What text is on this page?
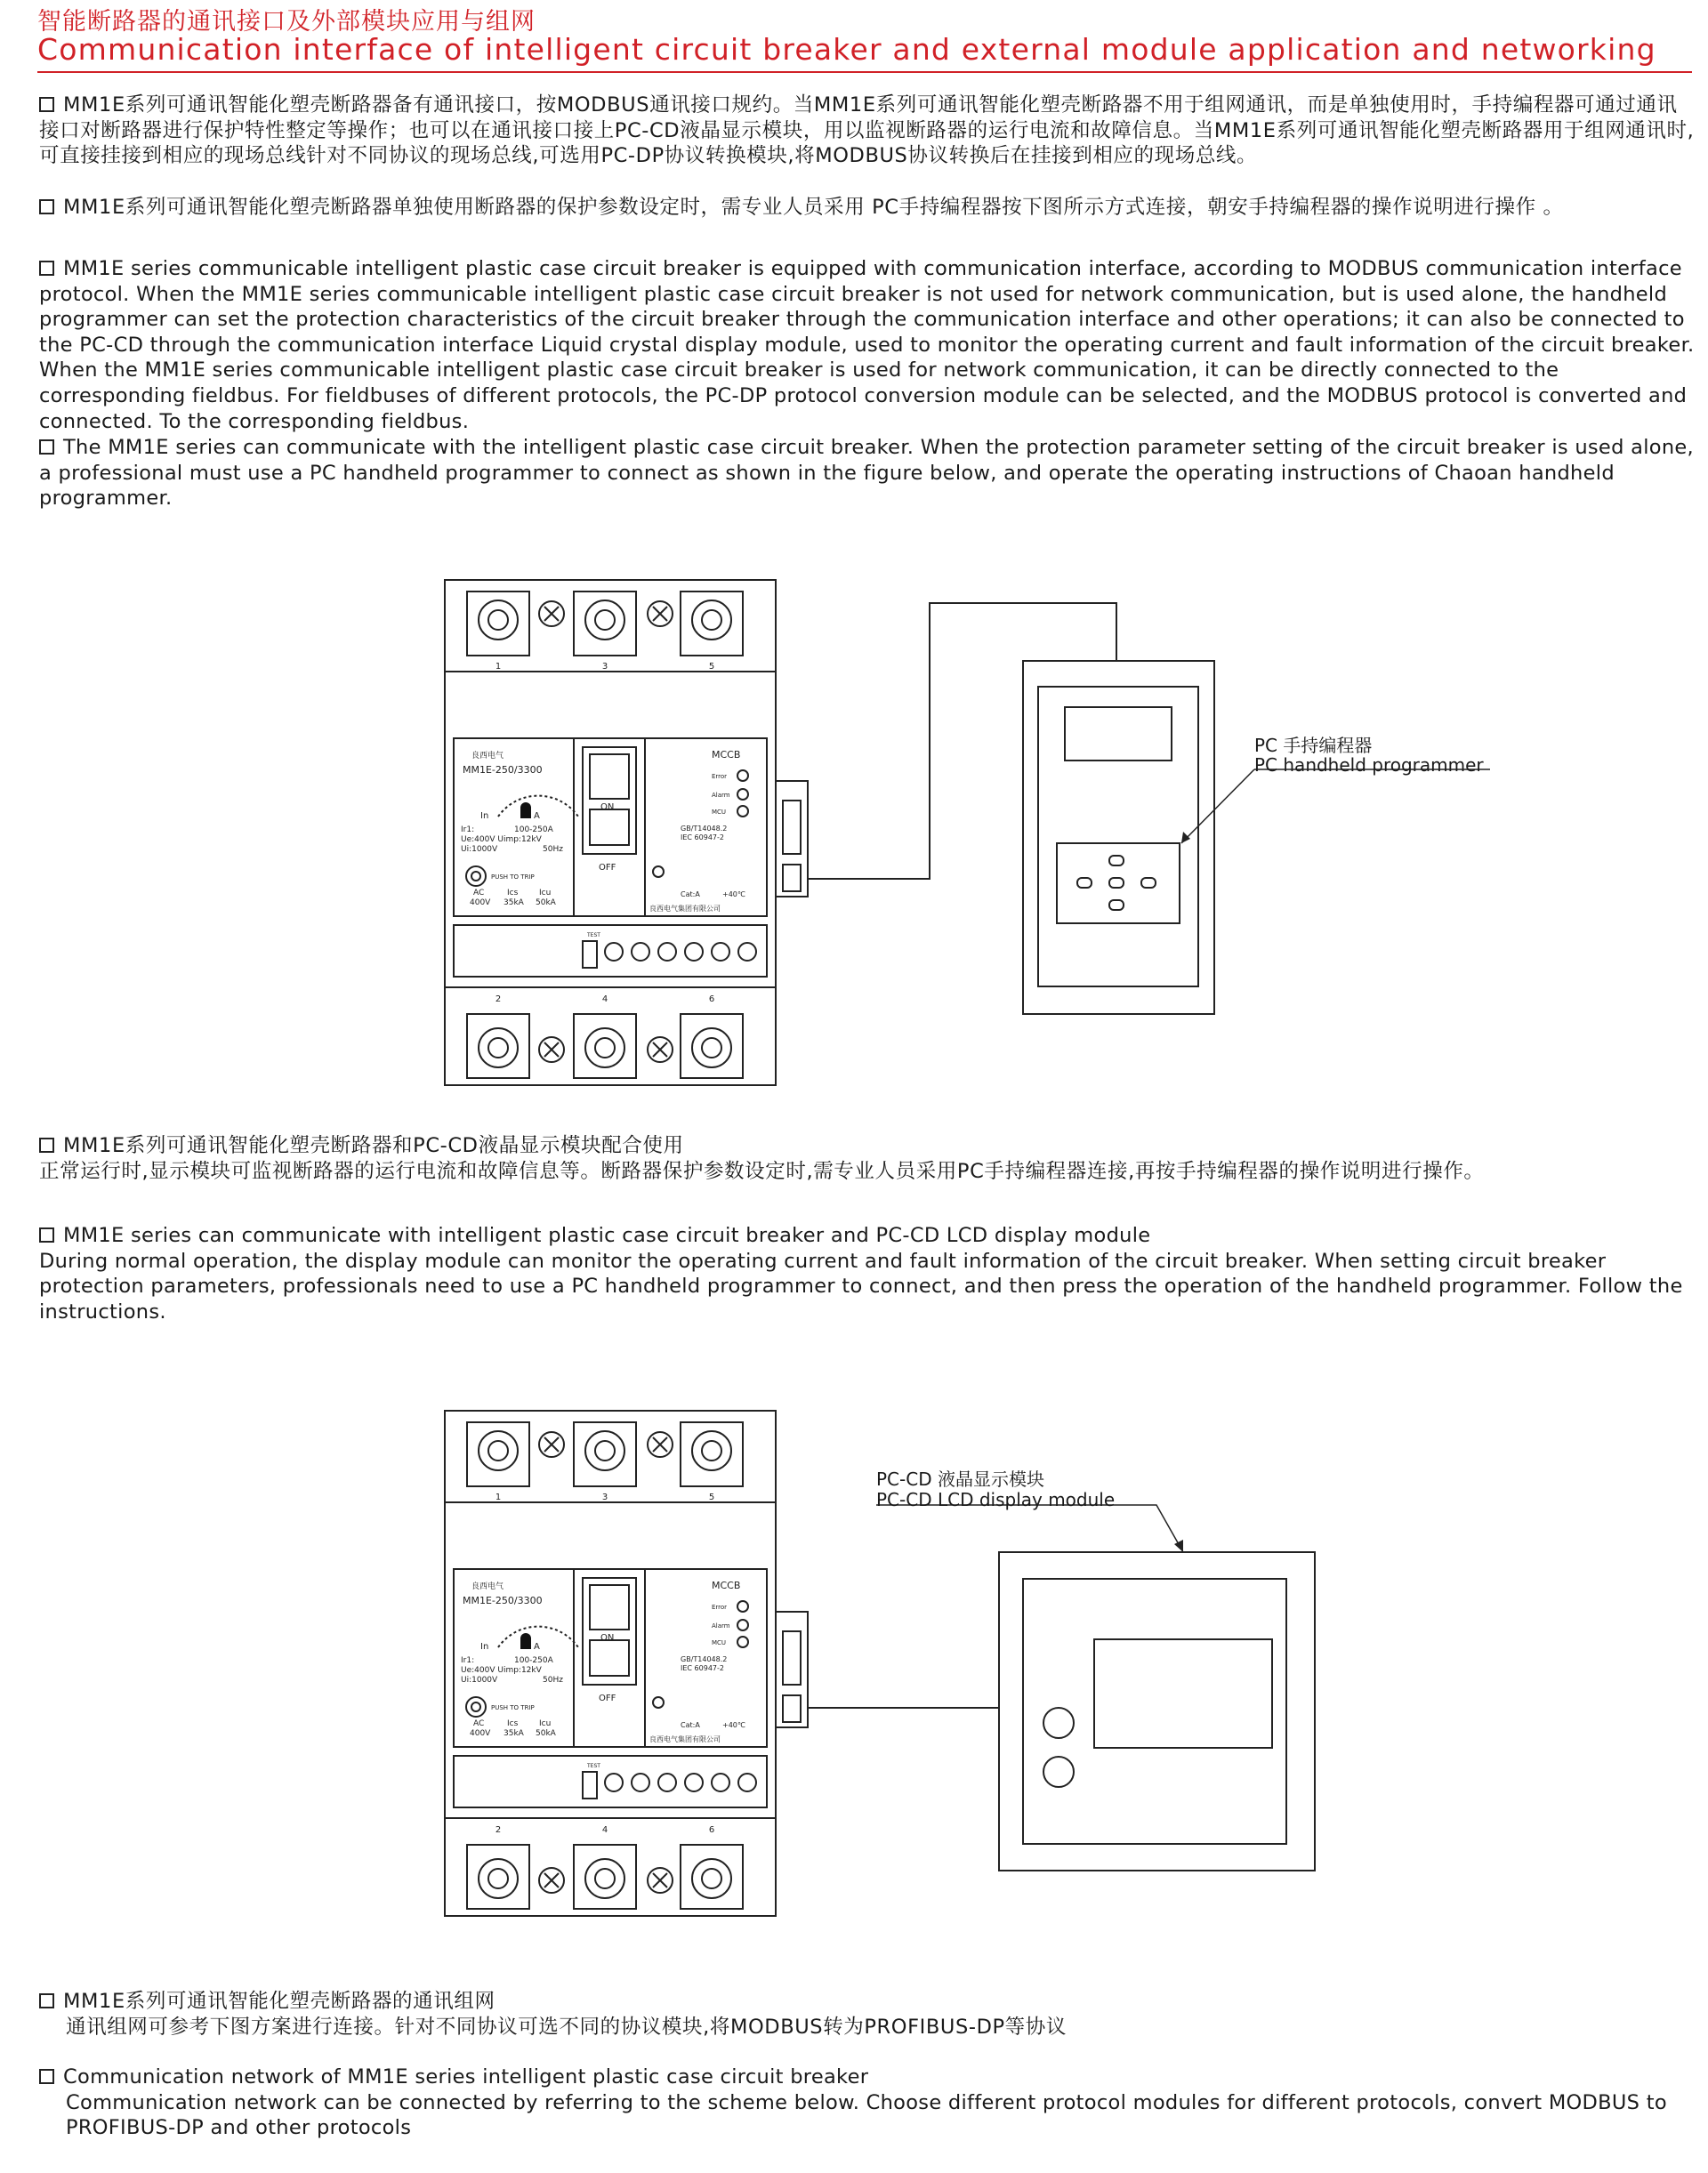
智能断路器的通讯接口及外部模块应用与组网
Communication interface of intelligent circuit breaker and external module application and networking

MM1E系列可通讯智能化塑壳断路器备有通讯接口，按MODBUS通讯接口规约。当MM1E系列可通讯智能化塑壳断路器不用于组网通讯，而是单独使用时，手持编程器可通过通讯接口对断路器进行保护特性整定等操作；也可以在通讯接口接上PC-CD液晶显示模块，用以监视断路器的运行电流和故障信息。当MM1E系列可通讯智能化塑壳断路器用于组网通讯时,可直接挂接到相应的现场总线针对不同协议的现场总线,可选用PC-DP协议转换模块,将MODBUS协议转换后在挂接到相应的现场总线。

MM1E系列可通讯智能化塑壳断路器单独使用断路器的保护参数设定时，需专业人员采用 PC手持编程器按下图所示方式连接，朝安手持编程器的操作说明进行操作 。

MM1E series communicable intelligent plastic case circuit breaker is equipped with communication interface, according to MODBUS communication interface protocol. When the MM1E series communicable intelligent plastic case circuit breaker is not used for network communication, but is used alone, the handheld programmer can set the protection characteristics of the circuit breaker through the communication interface and other operations; it can also be connected to the PC-CD through the communication interface Liquid crystal display module, used to monitor the operating current and fault information of the circuit breaker. When the MM1E series communicable intelligent plastic case circuit breaker is used for network communication, it can be directly connected to the corresponding fieldbus. For fieldbuses of different protocols, the PC-DP protocol conversion module can be selected, and the MODBUS protocol is converted and connected. To the corresponding fieldbus.

The MM1E series can communicate with the intelligent plastic case circuit breaker. When the protection parameter setting of the circuit breaker is used alone, a professional must use a PC handheld programmer to connect as shown in the figure below, and operate the operating instructions of Chaoan handheld programmer.

1	3	5
2	4	6
良西电气
MM1E-250/3300
MCCB
In 250 A
Ir1:	100-250A
Ue:400V Uimp:12kV
Ui:1000V	50Hz
PUSH TO TRIP
AC
400V
Ics
35kA
Icu
50kA
ON
OFF
Error
Alarm
MCU
GB/T14048.2
IEC 60947-2
Cat:A	+40℃
良西电气集团有限公司
TEST
PC 手持编程器
PC handheld programmer

MM1E系列可通讯智能化塑壳断路器和PC-CD液晶显示模块配合使用
正常运行时,显示模块可监视断路器的运行电流和故障信息等。断路器保护参数设定时,需专业人员采用PC手持编程器连接,再按手持编程器的操作说明进行操作。

MM1E series can communicate with intelligent plastic case circuit breaker and PC-CD LCD display module
During normal operation, the display module can monitor the operating current and fault information of the circuit breaker. When setting circuit breaker protection parameters, professionals need to use a PC handheld programmer to connect, and then press the operation of the handheld programmer. Follow the instructions.

1	3	5
2	4	6
良西电气
MM1E-250/3300
MCCB
In 250 A
Ir1:	100-250A
Ue:400V Uimp:12kV
Ui:1000V	50Hz
PUSH TO TRIP
AC
400V
Ics
35kA
Icu
50kA
ON
OFF
Error
Alarm
MCU
GB/T14048.2
IEC 60947-2
Cat:A	+40℃
良西电气集团有限公司
TEST
PC-CD 液晶显示模块
PC-CD LCD display module

MM1E系列可通讯智能化塑壳断路器的通讯组网
通讯组网可参考下图方案进行连接。针对不同协议可选不同的协议模块,将MODBUS转为PROFIBUS-DP等协议

Communication network of MM1E series intelligent plastic case circuit breaker
Communication network can be connected by referring to the scheme below. Choose different protocol modules for different protocols, convert MODBUS to PROFIBUS-DP and other protocols
